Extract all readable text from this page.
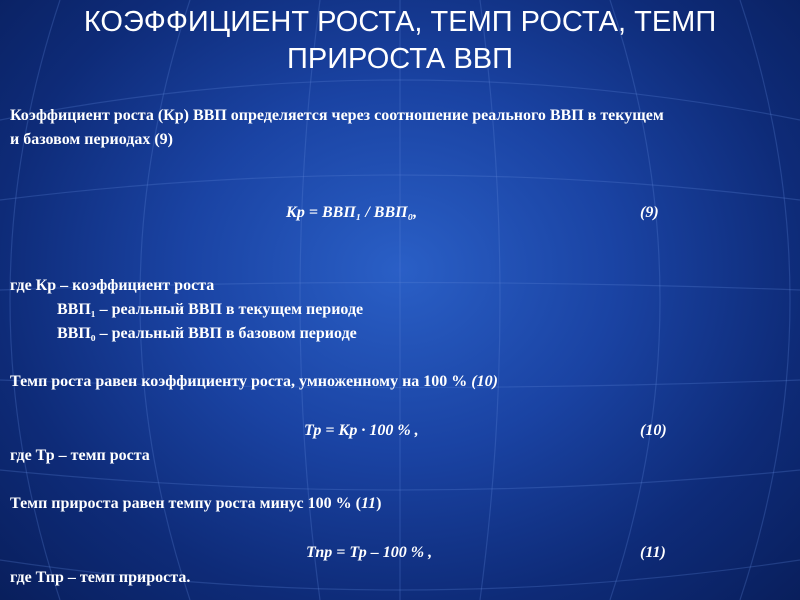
КОЭФФИЦИЕНТ РОСТА, ТЕМП РОСТА, ТЕМП
ПРИРОСТА ВВП
Коэффициент роста (Кр) ВВП определяется через соотношение реального ВВП в текущем
и базовом периодах (9)
Кр = ВВП₁ / ВВП₀,	(9)
где Кр – коэффициент роста
ВВП₁ – реальный ВВП в текущем периоде
ВВП₀ – реальный ВВП в базовом периоде
Темп роста равен коэффициенту роста, умноженному на 100 % (10)
Тр = Кр · 100 % ,	(10)
где Тр – темп роста
Темп прироста равен темпу роста минус 100 % (11)
Тпр = Тр – 100 % ,	(11)
где Тпр – темп прироста.
